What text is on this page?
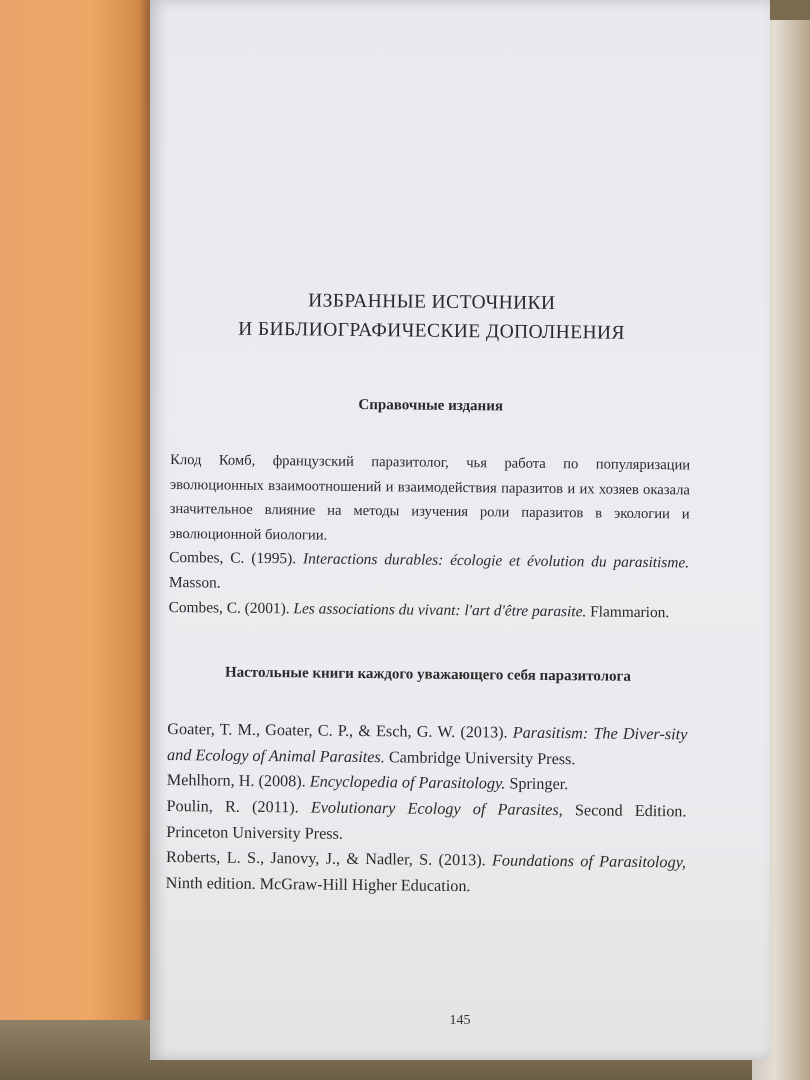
145
ИЗБРАННЫЕ ИСТОЧНИКИ
И БИБЛИОГРАФИЧЕСКИЕ ДОПОЛНЕНИЯ
Справочные издания

Клод Комб, французский паразитолог, чья работа по популяризации эволюционных взаимоотношений и взаимодействия паразитов и их хозяев оказала значительное влияние на методы изучения роли паразитов в экологии и эволюционной биологии.

Combes, C. (1995). Interactions durables: écologie et évolution du parasitisme. Masson.

Combes, C. (2001). Les associations du vivant: l'art d'être parasite. Flammarion.

Настольные книги каждого уважающего себя паразитолога

Goater, T. M., Goater, C. P., & Esch, G. W. (2013). Parasitism: The Diver-sity and Ecology of Animal Parasites. Cambridge University Press.

Mehlhorn, H. (2008). Encyclopedia of Parasitology. Springer.

Poulin, R. (2011). Evolutionary Ecology of Parasites, Second Edition. Princeton University Press.

Roberts, L. S., Janovy, J., & Nadler, S. (2013). Foundations of Parasitology, Ninth edition. McGraw-Hill Higher Education.
